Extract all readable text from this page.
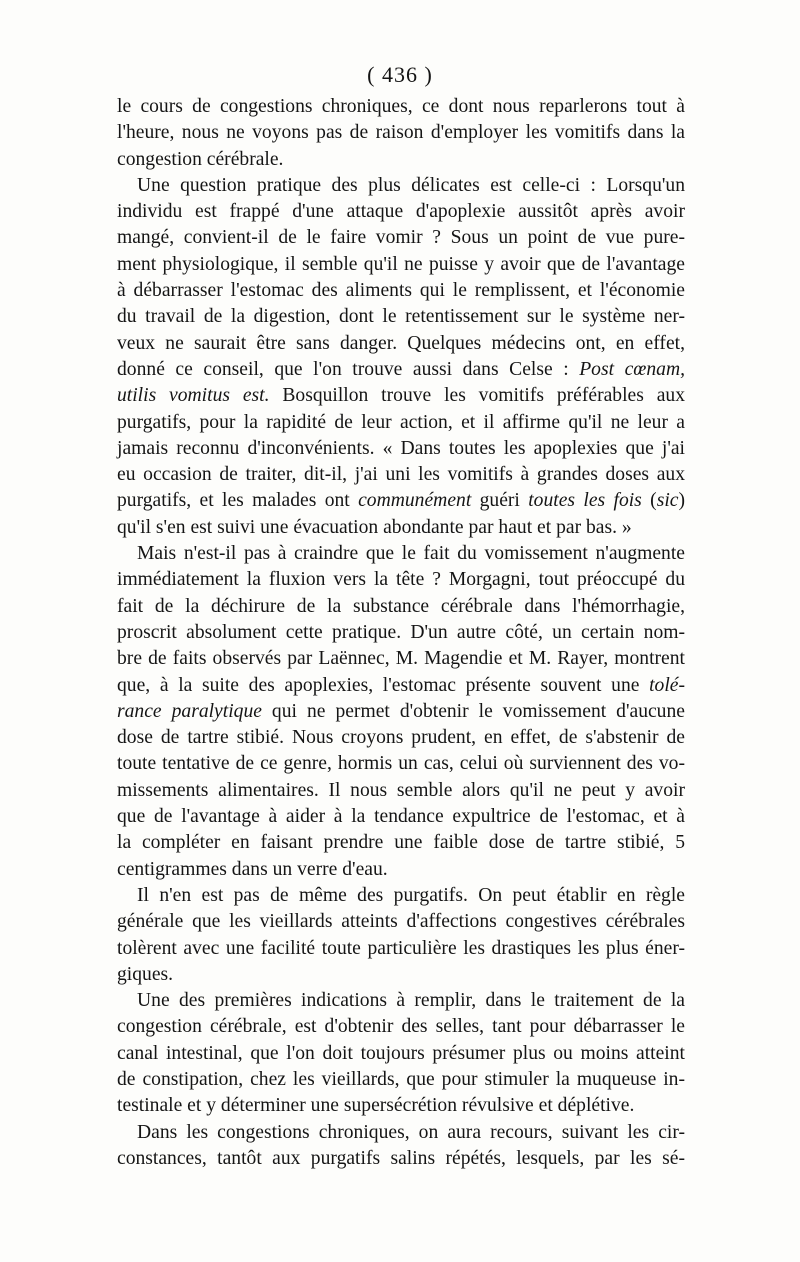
( 436 )
le cours de congestions chroniques, ce dont nous reparlerons tout à
l'heure, nous ne voyons pas de raison d'employer les vomitifs dans la
congestion cérébrale.
Une question pratique des plus délicates est celle-ci : Lorsqu'un
individu est frappé d'une attaque d'apoplexie aussitôt après avoir
mangé, convient-il de le faire vomir ? Sous un point de vue pure-
ment physiologique, il semble qu'il ne puisse y avoir que de l'avantage
à débarrasser l'estomac des aliments qui le remplissent, et l'économie
du travail de la digestion, dont le retentissement sur le système ner-
veux ne saurait être sans danger. Quelques médecins ont, en effet,
donné ce conseil, que l'on trouve aussi dans Celse : Post cœnam,
utilis vomitus est. Bosquillon trouve les vomitifs préférables aux
purgatifs, pour la rapidité de leur action, et il affirme qu'il ne leur a
jamais reconnu d'inconvénients. « Dans toutes les apoplexies que j'ai
eu occasion de traiter, dit-il, j'ai uni les vomitifs à grandes doses aux
purgatifs, et les malades ont communément guéri toutes les fois (sic)
qu'il s'en est suivi une évacuation abondante par haut et par bas. »
Mais n'est-il pas à craindre que le fait du vomissement n'augmente
immédiatement la fluxion vers la tête ? Morgagni, tout préoccupé du
fait de la déchirure de la substance cérébrale dans l'hémorrhagie,
proscrit absolument cette pratique. D'un autre côté, un certain nom-
bre de faits observés par Laënnec, M. Magendie et M. Rayer, montrent
que, à la suite des apoplexies, l'estomac présente souvent une tolé-
rance paralytique qui ne permet d'obtenir le vomissement d'aucune
dose de tartre stibié. Nous croyons prudent, en effet, de s'abstenir de
toute tentative de ce genre, hormis un cas, celui où surviennent des vo-
missements alimentaires. Il nous semble alors qu'il ne peut y avoir
que de l'avantage à aider à la tendance expultrice de l'estomac, et à
la compléter en faisant prendre une faible dose de tartre stibié, 5
centigrammes dans un verre d'eau.
Il n'en est pas de même des purgatifs. On peut établir en règle
générale que les vieillards atteints d'affections congestives cérébrales
tolèrent avec une facilité toute particulière les drastiques les plus éner-
giques.
Une des premières indications à remplir, dans le traitement de la
congestion cérébrale, est d'obtenir des selles, tant pour débarrasser le
canal intestinal, que l'on doit toujours présumer plus ou moins atteint
de constipation, chez les vieillards, que pour stimuler la muqueuse in-
testinale et y déterminer une supersécrétion révulsive et déplétive.
Dans les congestions chroniques, on aura recours, suivant les cir-
constances, tantôt aux purgatifs salins répétés, lesquels, par les sé-
